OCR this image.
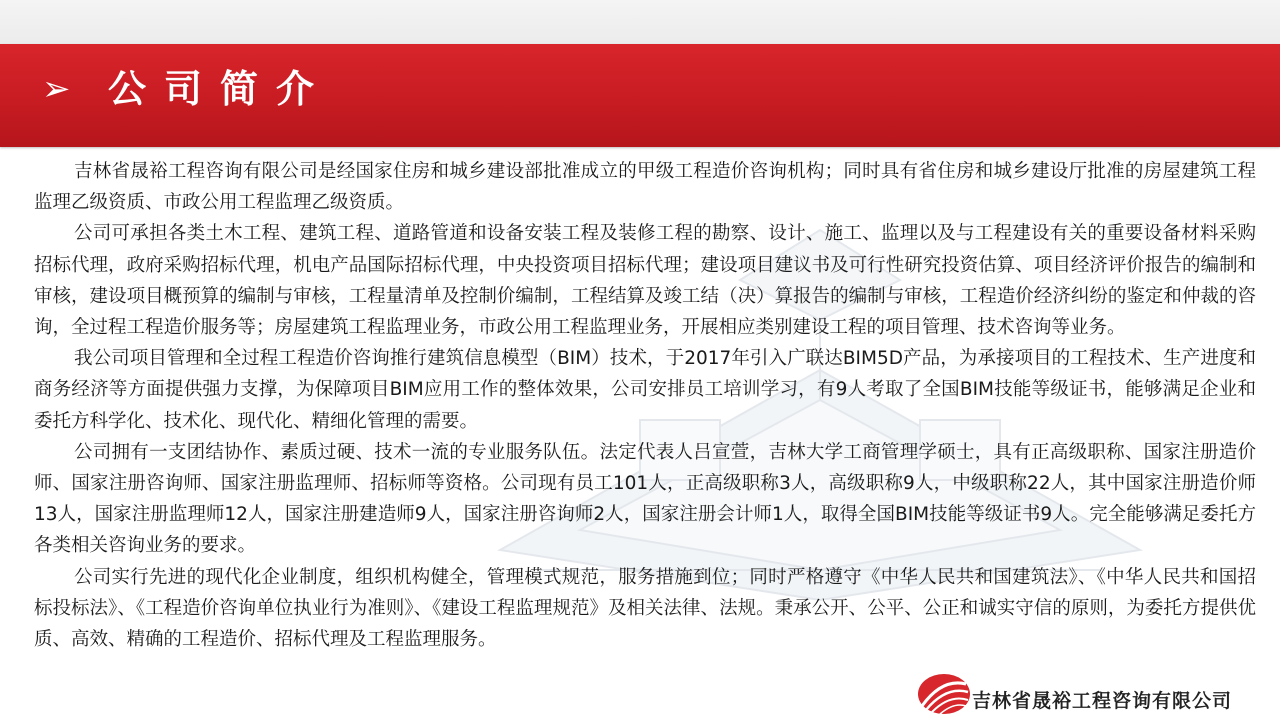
➢ 公司简介

吉林省晟裕工程咨询有限公司是经国家住房和城乡建设部批准成立的甲级工程造价咨询机构；同时具有省住房和城乡建设厅批准的房屋建筑工程监理乙级资质、市政公用工程监理乙级资质。

公司可承担各类土木工程、建筑工程、道路管道和设备安装工程及装修工程的勘察、设计、施工、监理以及与工程建设有关的重要设备材料采购招标代理，政府采购招标代理，机电产品国际招标代理，中央投资项目招标代理；建设项目建议书及可行性研究投资估算、项目经济评价报告的编制和审核，建设项目概预算的编制与审核，工程量清单及控制价编制，工程结算及竣工结（决）算报告的编制与审核，工程造价经济纠纷的鉴定和仲裁的咨询，全过程工程造价服务等；房屋建筑工程监理业务，市政公用工程监理业务，开展相应类别建设工程的项目管理、技术咨询等业务。

我公司项目管理和全过程工程造价咨询推行建筑信息模型（BIM）技术，于2017年引入广联达BIM5D产品，为承接项目的工程技术、生产进度和商务经济等方面提供强力支撑，为保障项目BIM应用工作的整体效果，公司安排员工培训学习，有9人考取了全国BIM技能等级证书，能够满足企业和委托方科学化、技术化、现代化、精细化管理的需要。

公司拥有一支团结协作、素质过硬、技术一流的专业服务队伍。法定代表人吕宣萱，吉林大学工商管理学硕士，具有正高级职称、国家注册造价师、国家注册咨询师、国家注册监理师、招标师等资格。公司现有员工101人，正高级职称3人，高级职称9人，中级职称22人，其中国家注册造价师 13人，国家注册监理师12人，国家注册建造师9人，国家注册咨询师2人，国家注册会计师1人，取得全国BIM技能等级证书9人。完全能够满足委托方各类相关咨询业务的要求。

公司实行先进的现代化企业制度，组织机构健全，管理模式规范，服务措施到位；同时严格遵守《中华人民共和国建筑法》、《中华人民共和国招标投标法》、《工程造价咨询单位执业行为准则》、《建设工程监理规范》及相关法律、法规。秉承公开、公平、公正和诚实守信的原则，为委托方提供优质、高效、精确的工程造价、招标代理及工程监理服务。

吉林省晟裕工程咨询有限公司
